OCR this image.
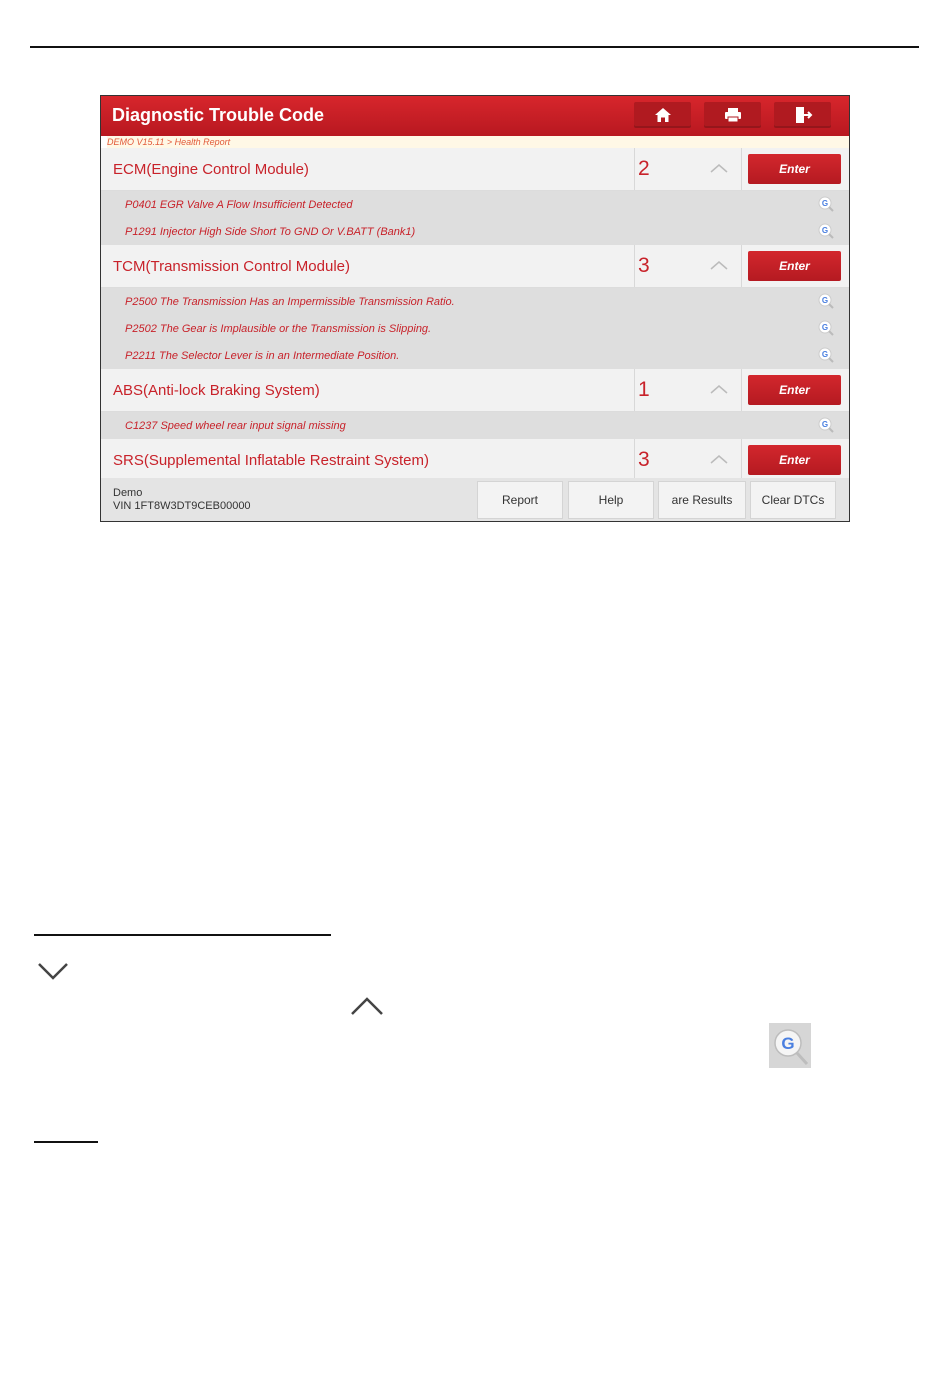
Diagnostic Trouble Code
DEMO V15.11 > Health Report
ECM(Engine Control Module)	2	Enter
P0401 EGR Valve A Flow Insufficient Detected	G
P1291 Injector High Side Short To GND Or V.BATT (Bank1)	G
TCM(Transmission Control Module)	3	Enter
P2500 The Transmission Has an Impermissible Transmission Ratio.	G
P2502 The Gear is Implausible or the Transmission is Slipping.	G
P2211 The Selector Lever is in an Intermediate Position.	G
ABS(Anti-lock Braking System)	1	Enter
C1237 Speed wheel rear input signal missing	G
SRS(Supplemental Inflatable Restraint System)	3	Enter
Demo
VIN 1FT8W3DT9CEB00000	Report	Help	are Results	Clear DTCs
G
